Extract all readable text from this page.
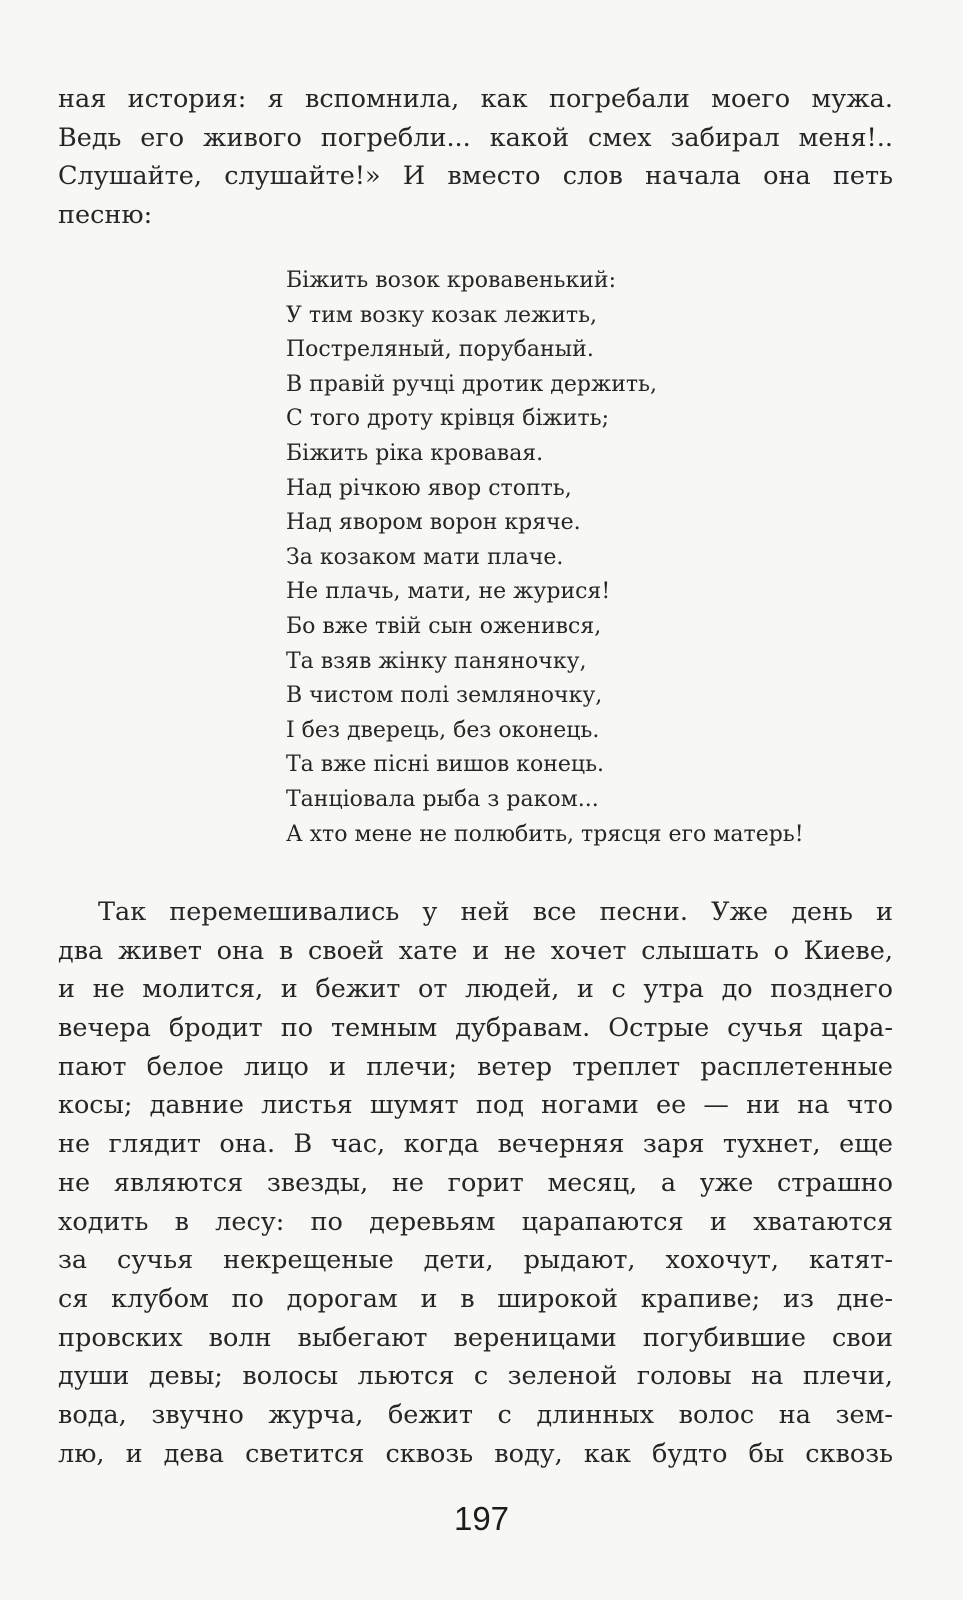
ная история: я вспомнила, как погребали моего мужа.
Ведь его живого погребли... какой смех забирал меня!..
Слушайте, слушайте!» И вместо слов начала она петь
песню:
Біжить возок кровавенький:
У тим возку козак лежить,
Постреляный, порубаный.
В правій ручці дротик держить,
С того дроту крівця біжить;
Біжить ріка кровавая.
Над річкою явор стопть,
Над явором ворон кряче.
За козаком мати плаче.
Не плачь, мати, не журися!
Бо вже твій сын оженився,
Та взяв жінку паняночку,
В чистом полі земляночку,
І без дверець, без оконець.
Та вже пісні вишов конець.
Танціовала рыба з раком...
А хто мене не полюбить, трясця его матерь!
Так перемешивались у ней все песни. Уже день и
два живет она в своей хате и не хочет слышать о Киеве,
и не молится, и бежит от людей, и с утра до позднего
вечера бродит по темным дубравам. Острые сучья цара-
пают белое лицо и плечи; ветер треплет расплетенные
косы; давние листья шумят под ногами ее — ни на что
не глядит она. В час, когда вечерняя заря тухнет, еще
не являются звезды, не горит месяц, а уже страшно
ходить в лесу: по деревьям царапаются и хватаются
за сучья некрещеные дети, рыдают, хохочут, катят-
ся клубом по дорогам и в широкой крапиве; из дне-
провских волн выбегают вереницами погубившие свои
души девы; волосы льются с зеленой головы на плечи,
вода, звучно журча, бежит с длинных волос на зем-
лю, и дева светится сквозь воду, как будто бы сквозь
197
